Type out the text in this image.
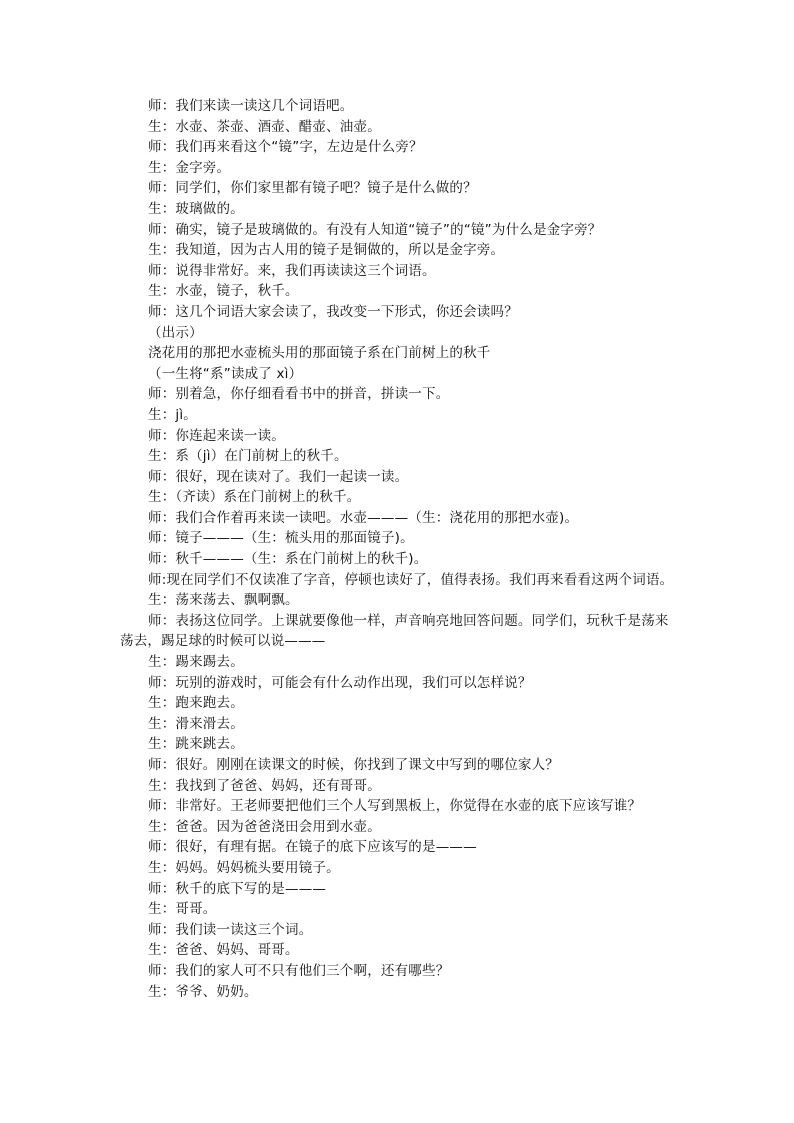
师：我们来读一读这几个词语吧。
生：水壶、茶壶、酒壶、醋壶、油壶。
师：我们再来看这个“镜”字，左边是什么旁？
生：金字旁。
师：同学们，你们家里都有镜子吧？镜子是什么做的？
生：玻璃做的。
师：确实，镜子是玻璃做的。有没有人知道“镜子”的“镜”为什么是金字旁？
生：我知道，因为古人用的镜子是铜做的，所以是金字旁。
师：说得非常好。来，我们再读读这三个词语。
生：水壶，镜子，秋千。
师：这几个词语大家会读了，我改变一下形式，你还会读吗？
（出示）
浇花用的那把水壶梳头用的那面镜子系在门前树上的秋千
（一生将“系”读成了 xì）
师：别着急，你仔细看看书中的拼音，拼读一下。
生：jì。
师：你连起来读一读。
生：系（jì）在门前树上的秋千。
师：很好，现在读对了。我们一起读一读。
生：（齐读）系在门前树上的秋千。
师：我们合作着再来读一读吧。水壶———（生：浇花用的那把水壶)。
师：镜子———（生：梳头用的那面镜子)。
师：秋千———（生：系在门前树上的秋千)。
师:现在同学们不仅读准了字音，停顿也读好了，值得表扬。我们再来看看这两个词语。
生：荡来荡去、飘啊飘。
师：表扬这位同学。上课就要像他一样，声音响亮地回答问题。同学们，玩秋千是荡来
荡去，踢足球的时候可以说———
生：踢来踢去。
师：玩别的游戏时，可能会有什么动作出现，我们可以怎样说？
生：跑来跑去。
生：滑来滑去。
生：跳来跳去。
师：很好。刚刚在读课文的时候，你找到了课文中写到的哪位家人？
生：我找到了爸爸、妈妈，还有哥哥。
师：非常好。王老师要把他们三个人写到黑板上，你觉得在水壶的底下应该写谁？
生：爸爸。因为爸爸浇田会用到水壶。
师：很好，有理有据。在镜子的底下应该写的是———
生：妈妈。妈妈梳头要用镜子。
师：秋千的底下写的是———
生：哥哥。
师：我们读一读这三个词。
生：爸爸、妈妈、哥哥。
师：我们的家人可不只有他们三个啊，还有哪些？
生：爷爷、奶奶。
